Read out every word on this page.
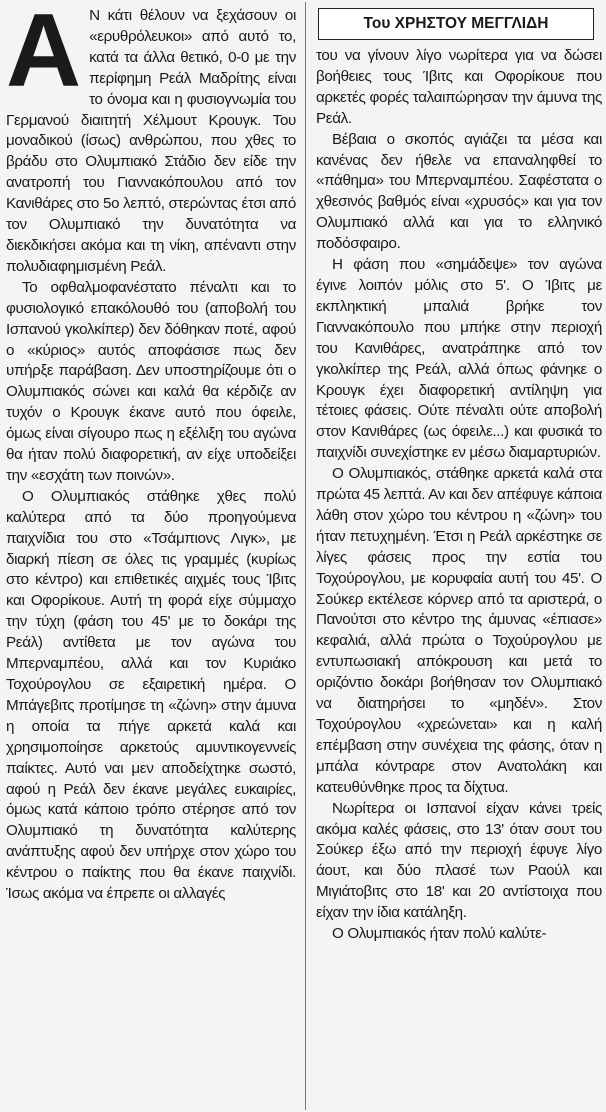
Α Ν κάτι θέλουν να ξεχάσουν οι «ερυθρόλευκοι» από αυτό το, κατά τα άλλα θετικό, 0-0 με την περίφημη Ρεάλ Μαδρίτης είναι το όνομα και η φυσιογνωμία του Γερμανού διαιτητή Χέλμουτ Κρουγκ. Του μοναδικού (ίσως) ανθρώπου, που χθες το βράδυ στο Ολυμπιακό Στάδιο δεν είδε την ανατροπή του Γιαννακόπουλου από τον Κανιθάρες στο 5ο λεπτό, στερώντας έτσι από τον Ολυμπιακό την δυνατότητα να διεκδικήσει ακόμα και τη νίκη, απέναντι στην πολυδιαφημισμένη Ρεάλ.

Το οφθαλμοφανέστατο πέναλτι και το φυσιολογικό επακόλουθό του (αποβολή του Ισπανού γκολκίπερ) δεν δόθηκαν ποτέ, αφού ο «κύριος» αυτός αποφάσισε πως δεν υπήρξε παράβαση. Δεν υποστηρίζουμε ότι ο Ολυμπιακός σώνει και καλά θα κέρδιζε αν τυχόν ο Κρουγκ έκανε αυτό που όφειλε, όμως είναι σίγουρο πως η εξέλιξη του αγώνα θα ήταν πολύ διαφορετική, αν είχε υποδείξει την «εσχάτη των ποινών».

Ο Ολυμπιακός στάθηκε χθες πολύ καλύτερα από τα δύο προηγούμενα παιχνίδια του στο «Τσάμπιονς Λιγκ», με διαρκή πίεση σε όλες τις γραμμές (κυρίως στο κέντρο) και επιθετικές αιχμές τους Ίβιτς και Οφορίκουε. Αυτή τη φορά είχε σύμμαχο την τύχη (φάση του 45' με το δοκάρι της Ρεάλ) αντίθετα με τον αγώνα του Μπερναμπέου, αλλά και τον Κυριάκο Τοχούρογλου σε εξαιρετική ημέρα. Ο Μπάγεβιτς προτίμησε τη «ζώνη» στην άμυνα η οποία τα πήγε αρκετά καλά και χρησιμοποίησε αρκετούς αμυντικογεννείς παίκτες. Αυτό ναι μεν αποδείχτηκε σωστό, αφού η Ρεάλ δεν έκανε μεγάλες ευκαιρίες, όμως κατά κάποιο τρόπο στέρησε από τον Ολυμπιακό τη δυνατότητα καλύτερης ανάπτυξης αφού δεν υπήρχε στον χώρο του κέντρου ο παίκτης που θα έκανε παιχνίδι. Ίσως ακόμα να έπρεπε οι αλλαγές

Του ΧΡΗΣΤΟΥ ΜΕΓΓΛΙΔΗ

του να γίνουν λίγο νωρίτερα για να δώσει βοήθειες τους Ίβιτς και Οφορίκουε που αρκετές φορές ταλαιπώρησαν την άμυνα της Ρεάλ.

Βέβαια ο σκοπός αγιάζει τα μέσα και κανένας δεν ήθελε να επαναληφθεί το «πάθημα» του Μπερναμπέου. Σαφέστατα ο χθεσινός βαθμός είναι «χρυσός» και για τον Ολυμπιακό αλλά και για το ελληνικό ποδόσφαιρο.

Η φάση που «σημάδεψε» τον αγώνα έγινε λοιπόν μόλις στο 5'. Ο Ίβιτς με εκπληκτική μπαλιά βρήκε τον Γιαννακόπουλο που μπήκε στην περιοχή του Κανιθάρες, ανατράπηκε από τον γκολκίπερ της Ρεάλ, αλλά όπως φάνηκε ο Κρουγκ έχει διαφορετική αντίληψη για τέτοιες φάσεις. Ούτε πέναλτι ούτε αποβολή στον Κανιθάρες (ως όφειλε...) και φυσικά το παιχνίδι συνεχίστηκε εν μέσω διαμαρτυριών.

Ο Ολυμπιακός, στάθηκε αρκετά καλά στα πρώτα 45 λεπτά. Αν και δεν απέφυγε κάποια λάθη στον χώρο του κέντρου η «ζώνη» του ήταν πετυχημένη. Έτσι η Ρεάλ αρκέστηκε σε λίγες φάσεις προς την εστία του Τοχούρογλου, με κορυφαία αυτή του 45'. Ο Σούκερ εκτέλεσε κόρνερ από τα αριστερά, ο Πανούτσι στο κέντρο της άμυνας «έπιασε» κεφαλιά, αλλά πρώτα ο Τοχούρογλου με εντυπωσιακή απόκρουση και μετά το οριζόντιο δοκάρι βοήθησαν τον Ολυμπιακό να διατηρήσει το «μηδέν». Στον Τοχούρογλου «χρεώνεται» και η καλή επέμβαση στην συνέχεια της φάσης, όταν η μπάλα κόντραρε στον Ανατολάκη και κατευθύνθηκε προς τα δίχτυα.

Νωρίτερα οι Ισπανοί είχαν κάνει τρείς ακόμα καλές φάσεις, στο 13' όταν σουτ του Σούκερ έξω από την περιοχή έφυγε λίγο άουτ, και δύο πλασέ των Ραούλ και Μιγιάτοβιτς στο 18' και 20 αντίστοιχα που είχαν την ίδια κατάληξη.

Ο Ολυμπιακός ήταν πολύ καλύτε-
